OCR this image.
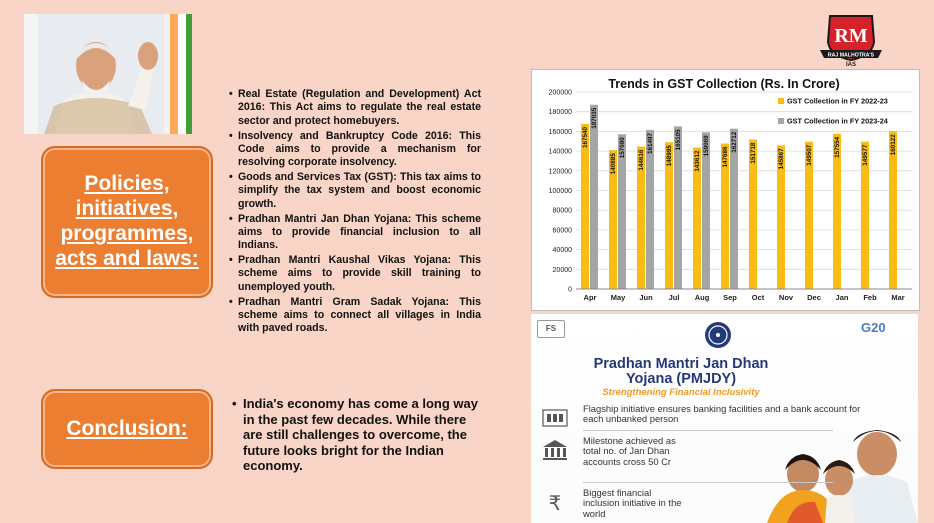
Policies, initiatives, programmes, acts and laws:
• Real Estate (Regulation and Development) Act 2016: This Act aims to regulate the real estate sector and protect homebuyers.
• Insolvency and Bankruptcy Code 2016: This Code aims to provide a mechanism for resolving corporate insolvency.
• Goods and Services Tax (GST): This tax aims to simplify the tax system and boost economic growth.
• Pradhan Mantri Jan Dhan Yojana: This scheme aims to provide financial inclusion to all Indians.
• Pradhan Mantri Kaushal Vikas Yojana: This scheme aims to provide skill training to unemployed youth.
• Pradhan Mantri Gram Sadak Yojana: This scheme aims to connect all villages in India with paved roads.
Conclusion:
• India's economy has come a long way in the past few decades. While there are still challenges to overcome, the future looks bright for the Indian economy.
RM
RAJ MALHOTRA'S
IAS
Trends in GST Collection (Rs. In Crore)
167540
187035
140885
157090
144616
161497
148995
165105
143612
159069
147686
162712
151718	145867	149507	157554	149577	160122
0
20000
40000
60000
80000
100000
120000
140000
160000
180000
200000
Apr May Jun Jul Aug Sep Oct Nov Dec Jan Feb Mar
GST Collection in FY 2022-23
GST Collection in FY 2023-24
FS	G20
Pradhan Mantri Jan Dhan
Yojana (PMJDY)
Strengthening Financial Inclusivity
Flagship initiative ensures banking facilities and a bank account for each unbanked person
Milestone achieved as total no. of Jan Dhan accounts cross 50 Cr
₹ Biggest financial inclusion initiative in the world
